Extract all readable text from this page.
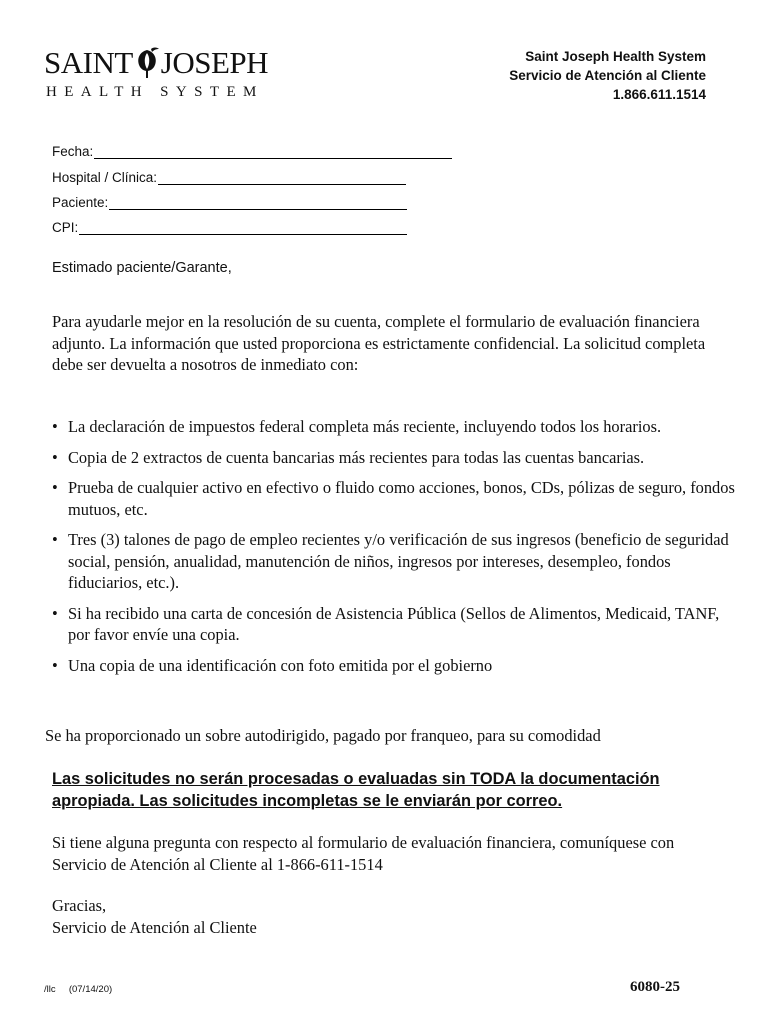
SAINT JOSEPH
HEALTH SYSTEM
Saint Joseph Health System
Servicio de Atención al Cliente
1.866.611.1514
Fecha:
Hospital / Clínica:
Paciente:
CPI:
Estimado paciente/Garante,
Para ayudarle mejor en la resolución de su cuenta, complete el formulario de evaluación financiera adjunto. La información que usted proporciona es estrictamente confidencial. La solicitud completa debe ser devuelta a nosotros de inmediato con:
• La declaración de impuestos federal completa más reciente, incluyendo todos los horarios.
• Copia de 2 extractos de cuenta bancarias más recientes para todas las cuentas bancarias.
• Prueba de cualquier activo en efectivo o fluido como acciones, bonos, CDs, pólizas de seguro, fondos mutuos, etc.
• Tres (3) talones de pago de empleo recientes y/o verificación de sus ingresos (beneficio de seguridad social, pensión, anualidad, manutención de niños, ingresos por intereses, desempleo, fondos fiduciarios, etc.).
• Si ha recibido una carta de concesión de Asistencia Pública (Sellos de Alimentos, Medicaid, TANF, por favor envíe una copia.
• Una copia de una identificación con foto emitida por el gobierno
Se ha proporcionado un sobre autodirigido, pagado por franqueo, para su comodidad
Las solicitudes no serán procesadas o evaluadas sin TODA la documentación apropiada. Las solicitudes incompletas se le enviarán por correo.
Si tiene alguna pregunta con respecto al formulario de evaluación financiera, comuníquese con Servicio de Atención al Cliente al 1-866-611-1514
Gracias,
Servicio de Atención al Cliente
/llc (07/14/20)	6080-25
